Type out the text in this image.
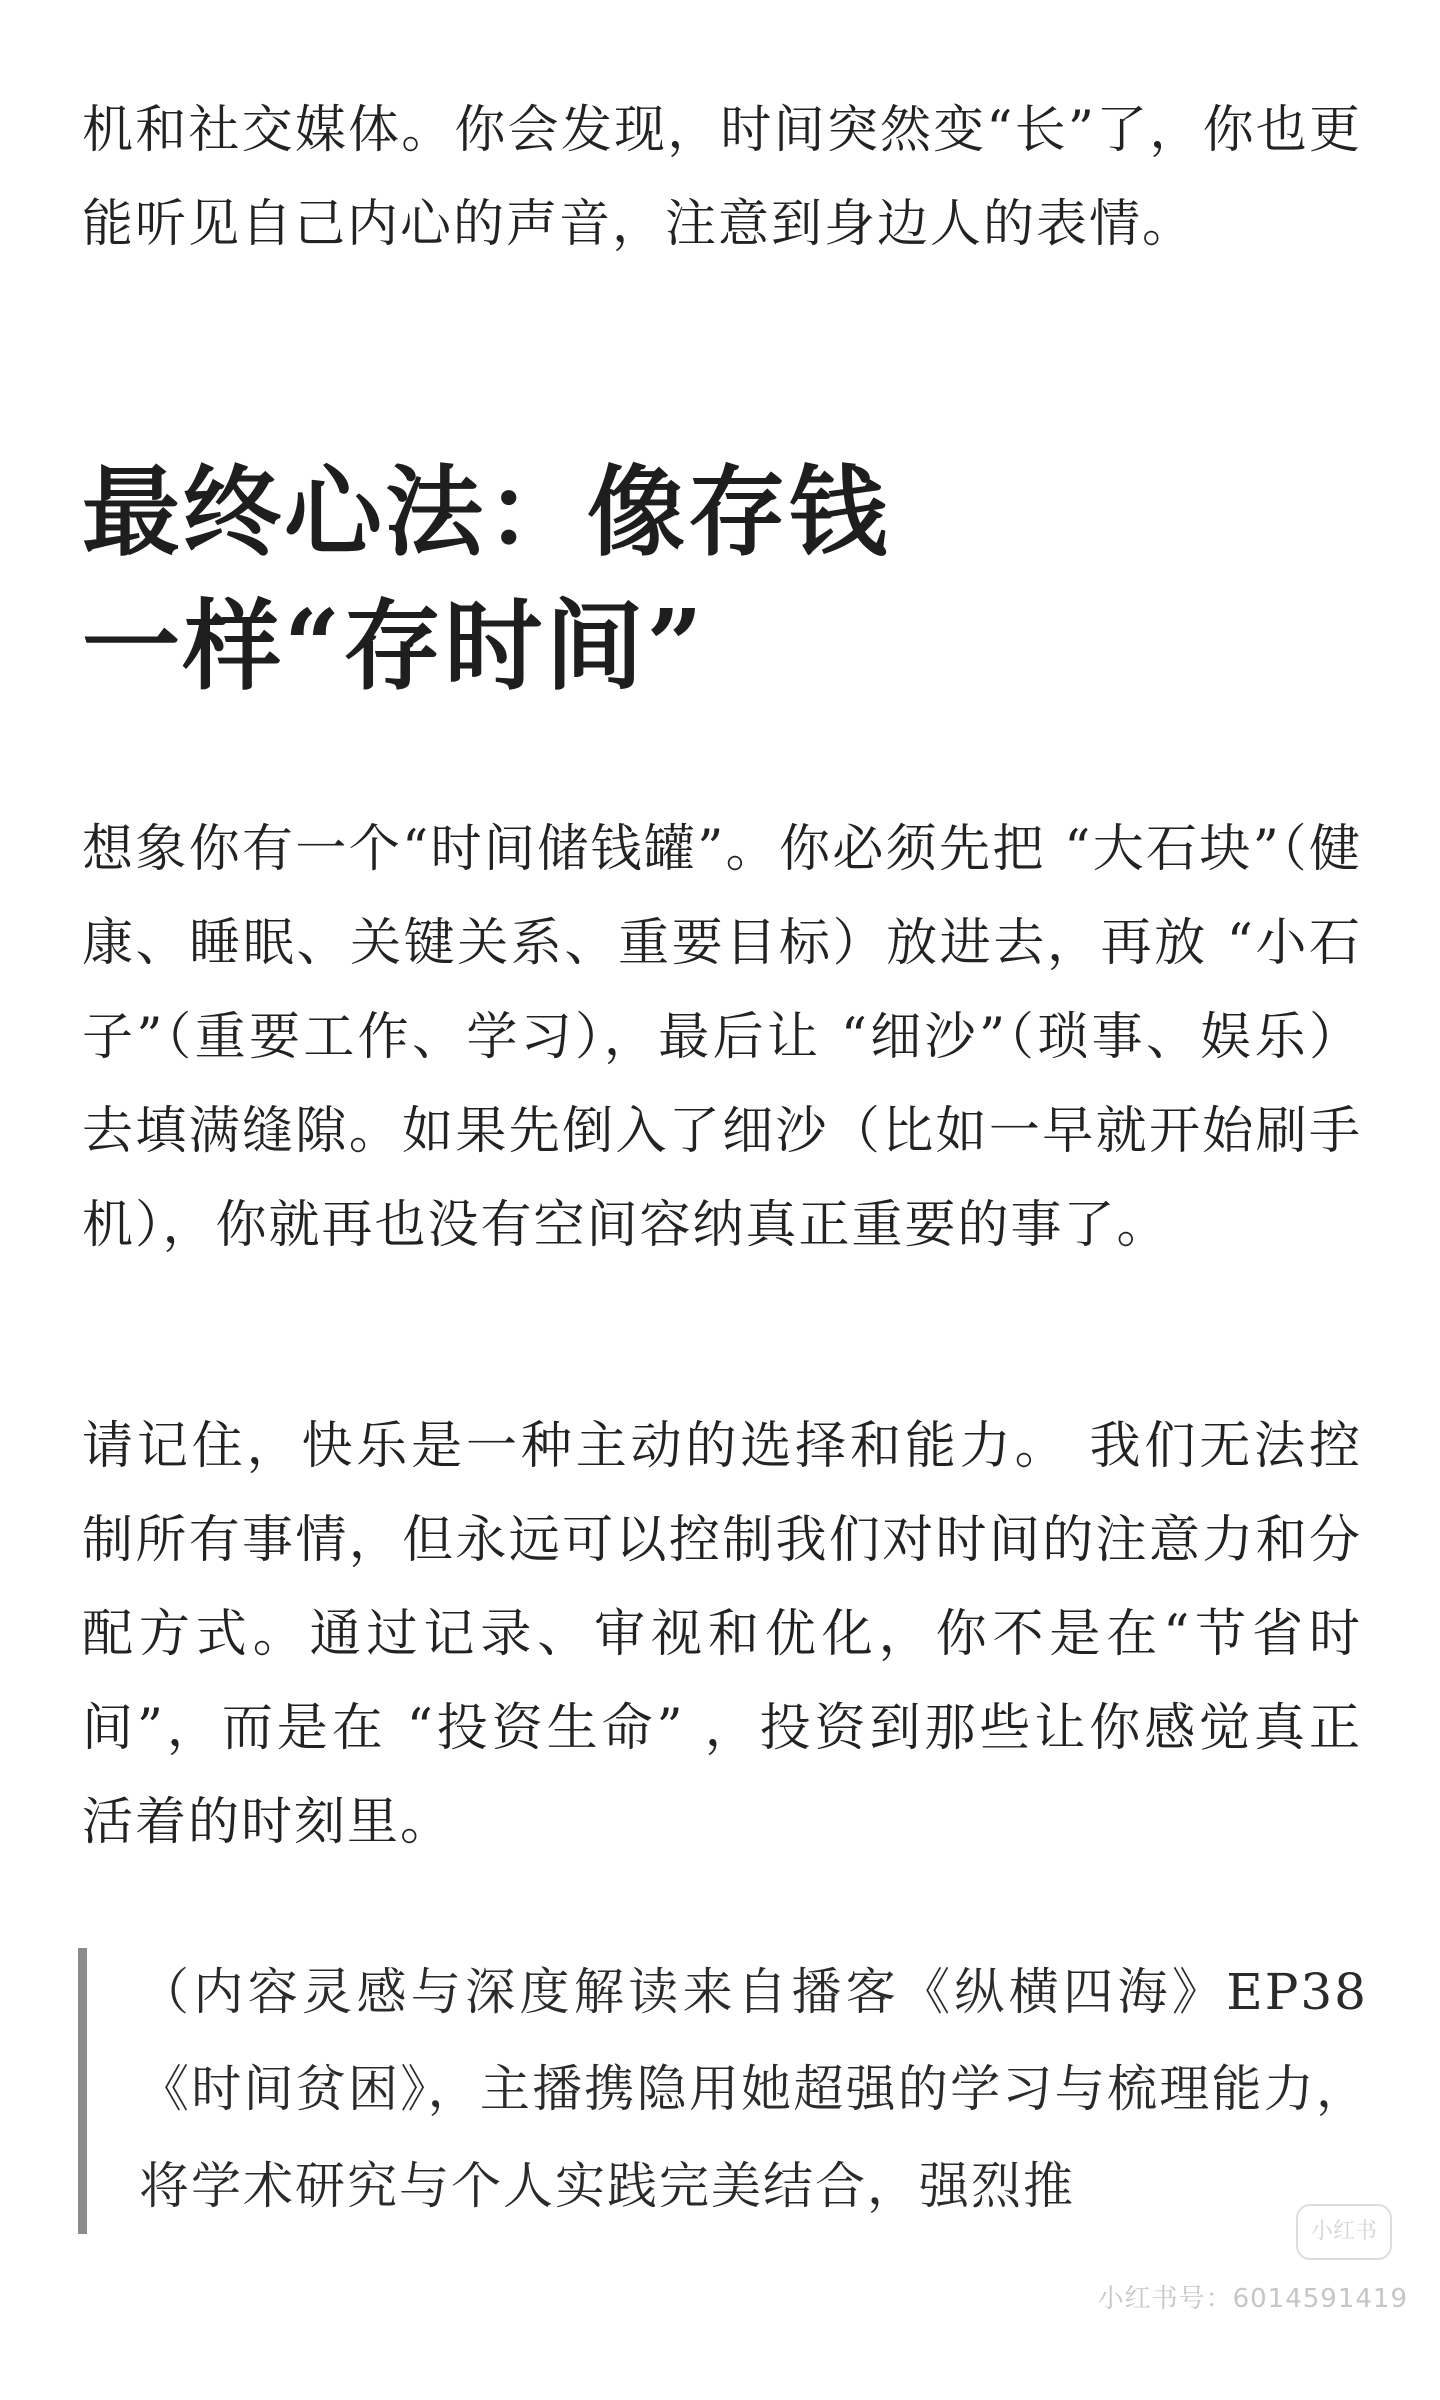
机和社交媒体。你会发现，时间突然变“长”了，你也更能听见自己内心的声音，注意到身边人的表情。

最终心法：像存钱
一样“存时间”

想象你有一个“时间储钱罐”。你必须先把 “大石块”（健康、睡眠、关键关系、重要目标）放进去，再放 “小石子”（重要工作、学习），最后让 “细沙”（琐事、娱乐）去填满缝隙。如果先倒入了细沙（比如一早就开始刷手机），你就再也没有空间容纳真正重要的事了。

请记住，快乐是一种主动的选择和能力。 我们无法控制所有事情，但永远可以控制我们对时间的注意力和分配方式。通过记录、审视和优化，你不是在“节省时间”，而是在 “投资生命” ，投资到那些让你感觉真正活着的时刻里。

（内容灵感与深度解读来自播客《纵横四海》EP38《时间贫困》，主播携隐用她超强的学习与梳理能力，将学术研究与个人实践完美结合，强烈推

小红书
小红书号：6014591419
